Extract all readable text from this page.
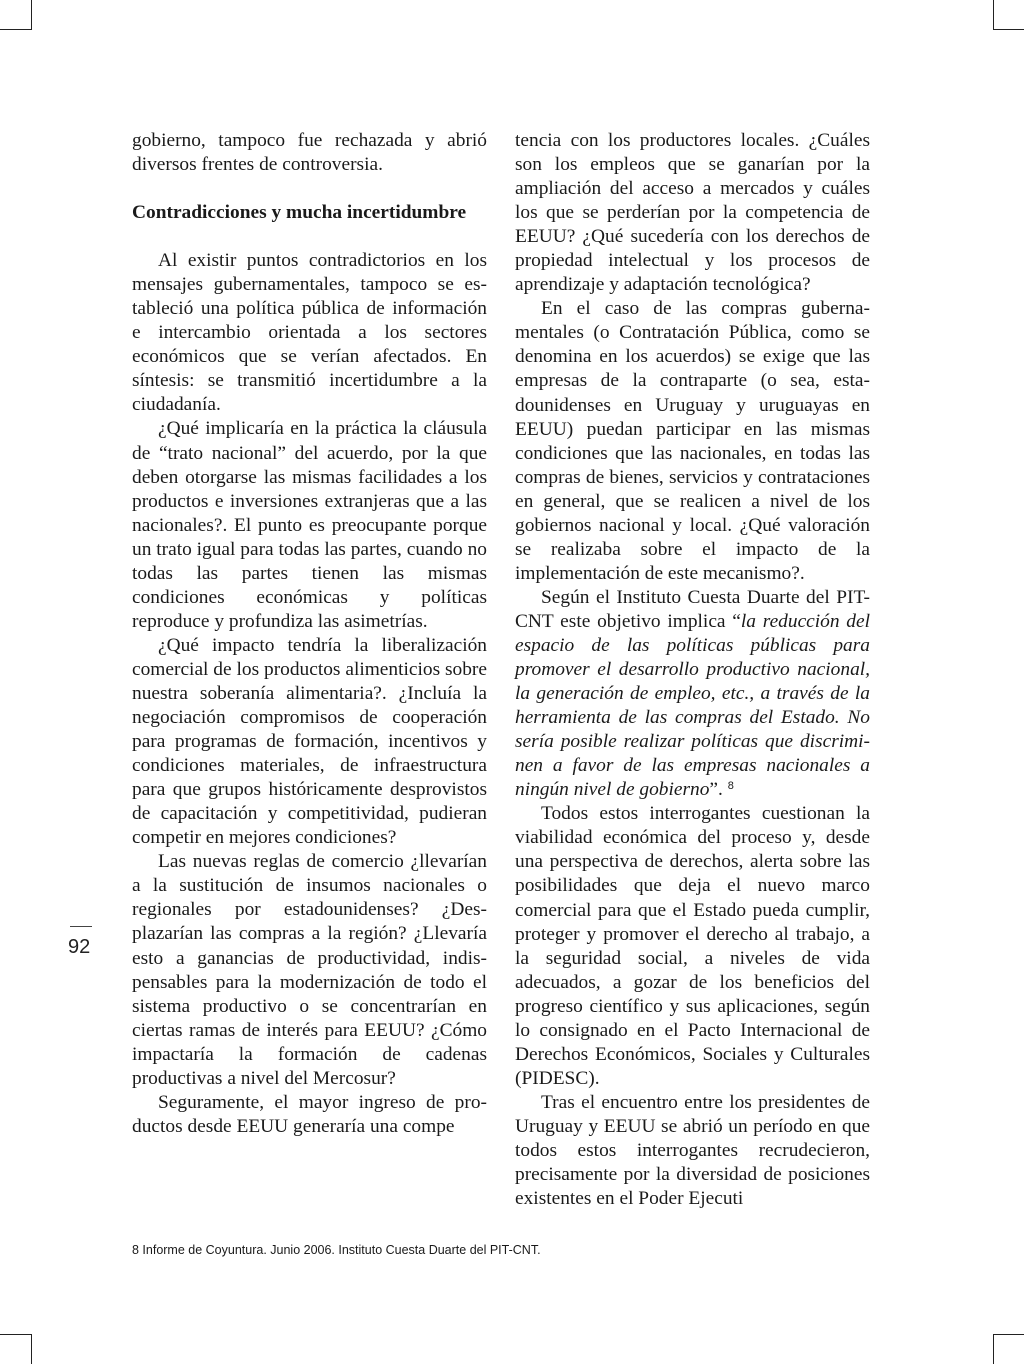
92

gobierno, tampoco fue rechazada y abrió diversos frentes de controversia.

Contradicciones y mucha incertidumbre

Al existir puntos contradictorios en los mensajes gubernamentales, tampoco se estableció una política pública de información e intercambio orientada a los sectores económicos que se verían afectados. En síntesis: se transmitió incertidumbre a la ciudadanía.

¿Qué implicaría en la práctica la cláusula de “trato nacional” del acuerdo, por la que deben otorgarse las mismas facilidades a los productos e inversiones extranjeras que a las nacionales?. El punto es preocupante porque un trato igual para todas las partes, cuando no todas las partes tienen las mismas condiciones económicas y políticas reproduce y profundiza las asimetrías.

¿Qué impacto tendría la liberalización comercial de los productos alimenticios sobre nuestra soberanía alimentaria?. ¿Incluía la negociación compromisos de cooperación para programas de formación, incentivos y condiciones materiales, de infraestructura para que grupos históricamente desprovistos de capacitación y competitividad, pudieran competir en mejores condiciones?

Las nuevas reglas de comercio ¿llevarían a la sustitución de insumos nacionales o regionales por estadounidenses? ¿Desplazarían las compras a la región? ¿Llevaría esto a ganancias de productividad, indispensables para la modernización de todo el sistema productivo o se concentrarían en ciertas ramas de interés para EEUU? ¿Cómo impactaría la formación de cadenas productivas a nivel del Mercosur?

Seguramente, el mayor ingreso de productos desde EEUU generaría una compe

tencia con los productores locales. ¿Cuáles son los empleos que se ganarían por la ampliación del acceso a mercados y cuáles los que se perderían por la competencia de EEUU? ¿Qué sucedería con los derechos de propiedad intelectual y los procesos de aprendizaje y adaptación tecnológica?

En el caso de las compras gubernamentales (o Contratación Pública, como se denomina en los acuerdos) se exige que las empresas de la contraparte (o sea, estadounidenses en Uruguay y uruguayas en EEUU) puedan participar en las mismas condiciones que las nacionales, en todas las compras de bienes, servicios y contrataciones en general, que se realicen a nivel de los gobiernos nacional y local. ¿Qué valoración se realizaba sobre el impacto de la implementación de este mecanismo?.

Según el Instituto Cuesta Duarte del PIT-CNT este objetivo implica “la reducción del espacio de las políticas públicas para promover el desarrollo productivo nacional, la generación de empleo, etc., a través de la herramienta de las compras del Estado. No sería posible realizar políticas que discriminen a favor de las empresas nacionales a ningún nivel de gobierno”. $^8$

Todos estos interrogantes cuestionan la viabilidad económica del proceso y, desde una perspectiva de derechos, alerta sobre las posibilidades que deja el nuevo marco comercial para que el Estado pueda cumplir, proteger y promover el derecho al trabajo, a la seguridad social, a niveles de vida adecuados, a gozar de los beneficios del progreso científico y sus aplicaciones, según lo consignado en el Pacto Internacional de Derechos Económicos, Sociales y Culturales (PIDESC).

Tras el encuentro entre los presidentes de Uruguay y EEUU se abrió un período en que todos estos interrogantes recrudecieron, precisamente por la diversidad de posiciones existentes en el Poder Ejecuti

8 Informe de Coyuntura. Junio 2006. Instituto Cuesta Duarte del PIT-CNT.
